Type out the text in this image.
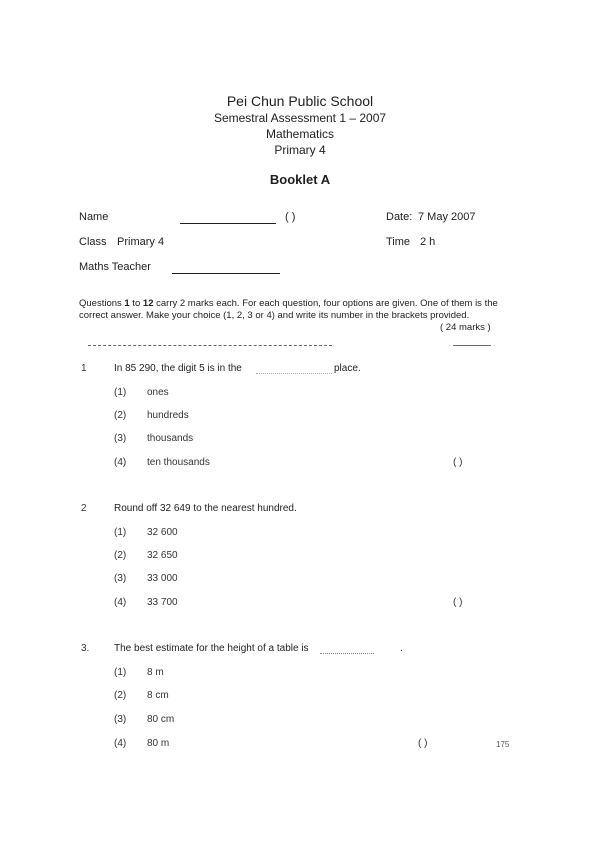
Pei Chun Public School
Semestral Assessment 1 – 2007
Mathematics
Primary 4
Booklet A
Name	( )	Date: 7 May 2007
Class Primary 4	Time 2 h
Maths Teacher
Questions 1 to 12 carry 2 marks each. For each question, four options are given. One of them is the correct answer. Make your choice (1, 2, 3 or 4) and write its number in the brackets provided.
( 24 marks )
1	In 85 290, the digit 5 is in the	place.
(1) ones
(2) hundreds
(3) thousands
(4) ten thousands	( )
2	Round off 32 649 to the nearest hundred.
(1) 32 600
(2) 32 650
(3) 33 000
(4) 33 700	( )
3. The best estimate for the height of a table is	.
(1) 8 m
(2) 8 cm
(3) 80 cm
(4) 80 m	( )	175
